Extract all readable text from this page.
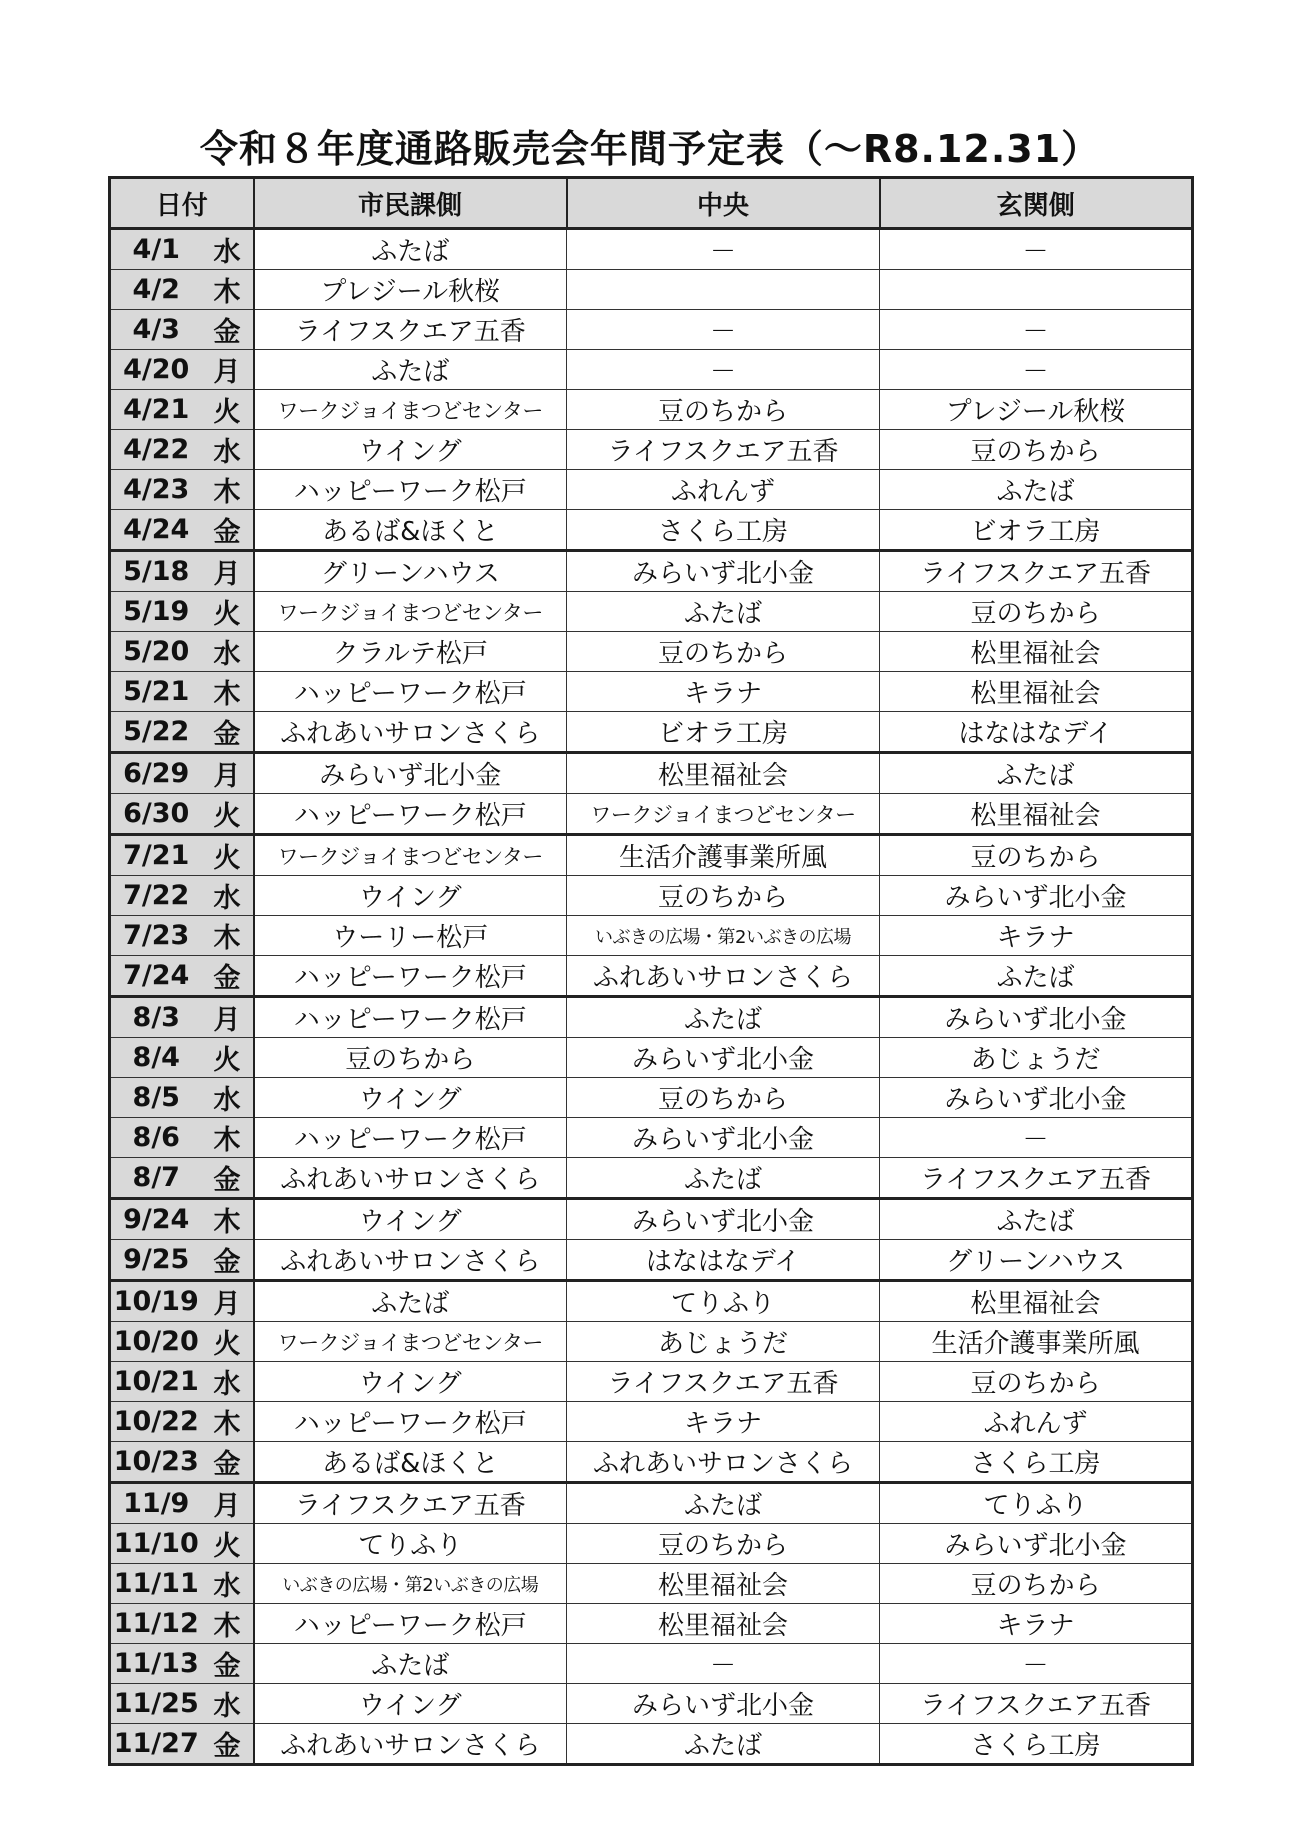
令和８年度通路販売会年間予定表（～R8.12.31）
日付		市民課側	中央	玄関側
4/1	水	ふたば	－	－
4/2	木	プレジール秋桜		
4/3	金	ライフスクエア五香	－	－
4/20	月	ふたば	－	－
4/21	火	ワークジョイまつどセンター	豆のちから	プレジール秋桜
4/22	水	ウイング	ライフスクエア五香	豆のちから
4/23	木	ハッピーワーク松戸	ふれんず	ふたば
4/24	金	あるば&ほくと	さくら工房	ビオラ工房
5/18	月	グリーンハウス	みらいず北小金	ライフスクエア五香
5/19	火	ワークジョイまつどセンター	ふたば	豆のちから
5/20	水	クラルテ松戸	豆のちから	松里福祉会
5/21	木	ハッピーワーク松戸	キラナ	松里福祉会
5/22	金	ふれあいサロンさくら	ビオラ工房	はなはなデイ
6/29	月	みらいず北小金	松里福祉会	ふたば
6/30	火	ハッピーワーク松戸	ワークジョイまつどセンター	松里福祉会
7/21	火	ワークジョイまつどセンター	生活介護事業所風	豆のちから
7/22	水	ウイング	豆のちから	みらいず北小金
7/23	木	ウーリー松戸	いぶきの広場・第2いぶきの広場	キラナ
7/24	金	ハッピーワーク松戸	ふれあいサロンさくら	ふたば
8/3	月	ハッピーワーク松戸	ふたば	みらいず北小金
8/4	火	豆のちから	みらいず北小金	あじょうだ
8/5	水	ウイング	豆のちから	みらいず北小金
8/6	木	ハッピーワーク松戸	みらいず北小金	－
8/7	金	ふれあいサロンさくら	ふたば	ライフスクエア五香
9/24	木	ウイング	みらいず北小金	ふたば
9/25	金	ふれあいサロンさくら	はなはなデイ	グリーンハウス
10/19	月	ふたば	てりふり	松里福祉会
10/20	火	ワークジョイまつどセンター	あじょうだ	生活介護事業所風
10/21	水	ウイング	ライフスクエア五香	豆のちから
10/22	木	ハッピーワーク松戸	キラナ	ふれんず
10/23	金	あるば&ほくと	ふれあいサロンさくら	さくら工房
11/9	月	ライフスクエア五香	ふたば	てりふり
11/10	火	てりふり	豆のちから	みらいず北小金
11/11	水	いぶきの広場・第2いぶきの広場	松里福祉会	豆のちから
11/12	木	ハッピーワーク松戸	松里福祉会	キラナ
11/13	金	ふたば	－	－
11/25	水	ウイング	みらいず北小金	ライフスクエア五香
11/27	金	ふれあいサロンさくら	ふたば	さくら工房
